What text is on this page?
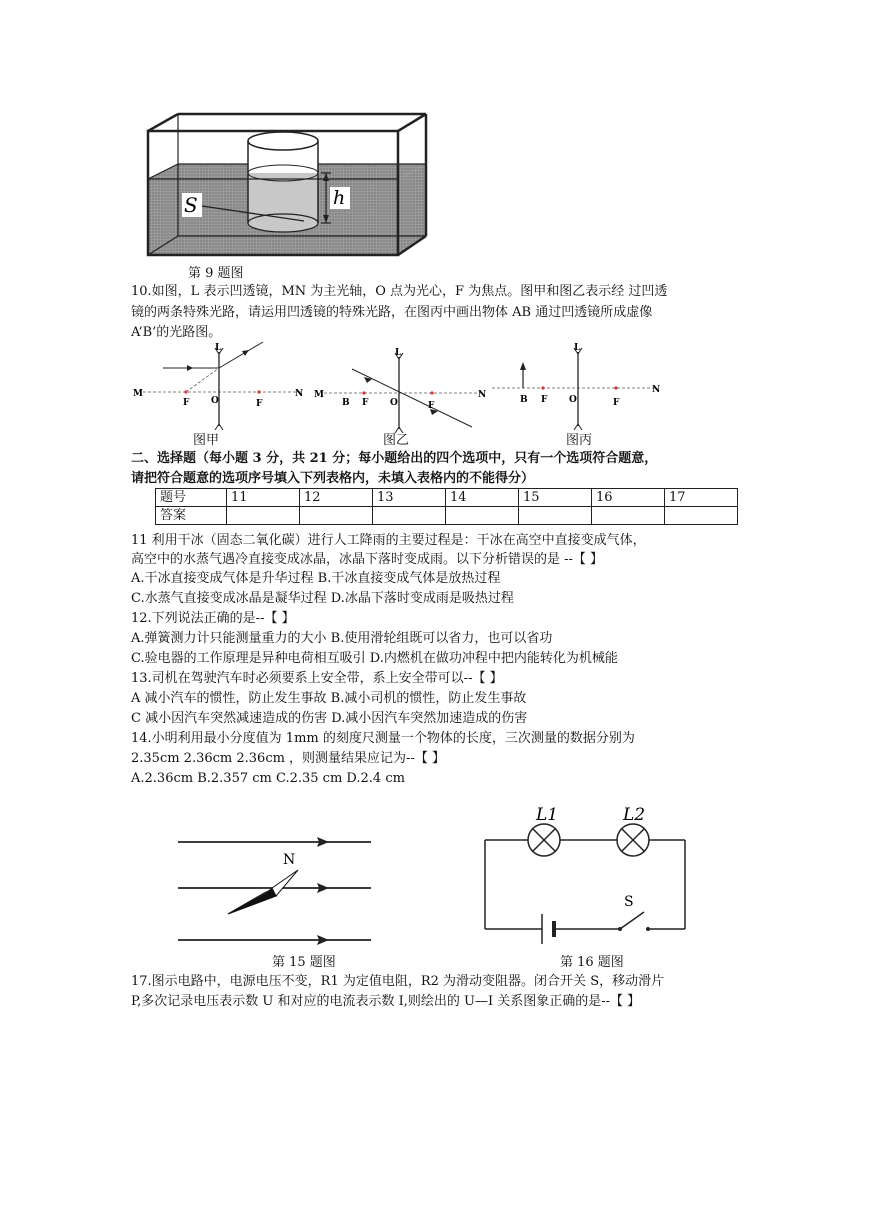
h
S
第 9 题图
10.如图，L 表示凹透镜，MN 为主光轴，O 点为光心，F 为焦点。图甲和图乙表示经 过凹透
镜的两条特殊光路，请运用凹透镜的特殊光路，在图丙中画出物体 AB 通过凹透镜所成虚像
A’B’的光路图。
M	N
L
O
F	F
M	N
L
B F O	F
N
L
B F O	F
图甲	图乙	图丙
二、选择题（每小题 3 分，共 21 分；每小题给出的四个选项中，只有一个选项符合题意，
请把符合题意的选项序号填入下列表格内，未填入表格内的不能得分）
题号	11	12	13	14	15	16	17
答案							
11 利用干冰（固态二氧化碳）进行人工降雨的主要过程是：干冰在高空中直接变成气体，
高空中的水蒸气遇冷直接变成冰晶，冰晶下落时变成雨。以下分析错误的是 --【 】
A.干冰直接变成气体是升华过程 B.干冰直接变成气体是放热过程
C.水蒸气直接变成冰晶是凝华过程 D.冰晶下落时变成雨是吸热过程
12.下列说法正确的是--【 】
A.弹簧测力计只能测量重力的大小 B.使用滑轮组既可以省力，也可以省功
C.验电器的工作原理是异种电荷相互吸引 D.内燃机在做功冲程中把内能转化为机械能
13.司机在驾驶汽车时必须要系上安全带，系上安全带可以--【 】
A 减小汽车的惯性，防止发生事故 B.减小司机的惯性，防止发生事故
C 减小因汽车突然减速造成的伤害 D.减小因汽车突然加速造成的伤害
14.小明利用最小分度值为 1mm 的刻度尺测量一个物体的长度，三次测量的数据分别为
2.35cm 2.36cm 2.36cm ，则测量结果应记为--【 】
A.2.36cm B.2.357 cm C.2.35 cm D.2.4 cm
N
第 15 题图
L1	L2
S
第 16 题图
17.图示电路中，电源电压不变，R1 为定值电阻，R2 为滑动变阻器。闭合开关 S，移动滑片
P,多次记录电压表示数 U 和对应的电流表示数 I,则绘出的 U—I 关系图象正确的是--【 】
